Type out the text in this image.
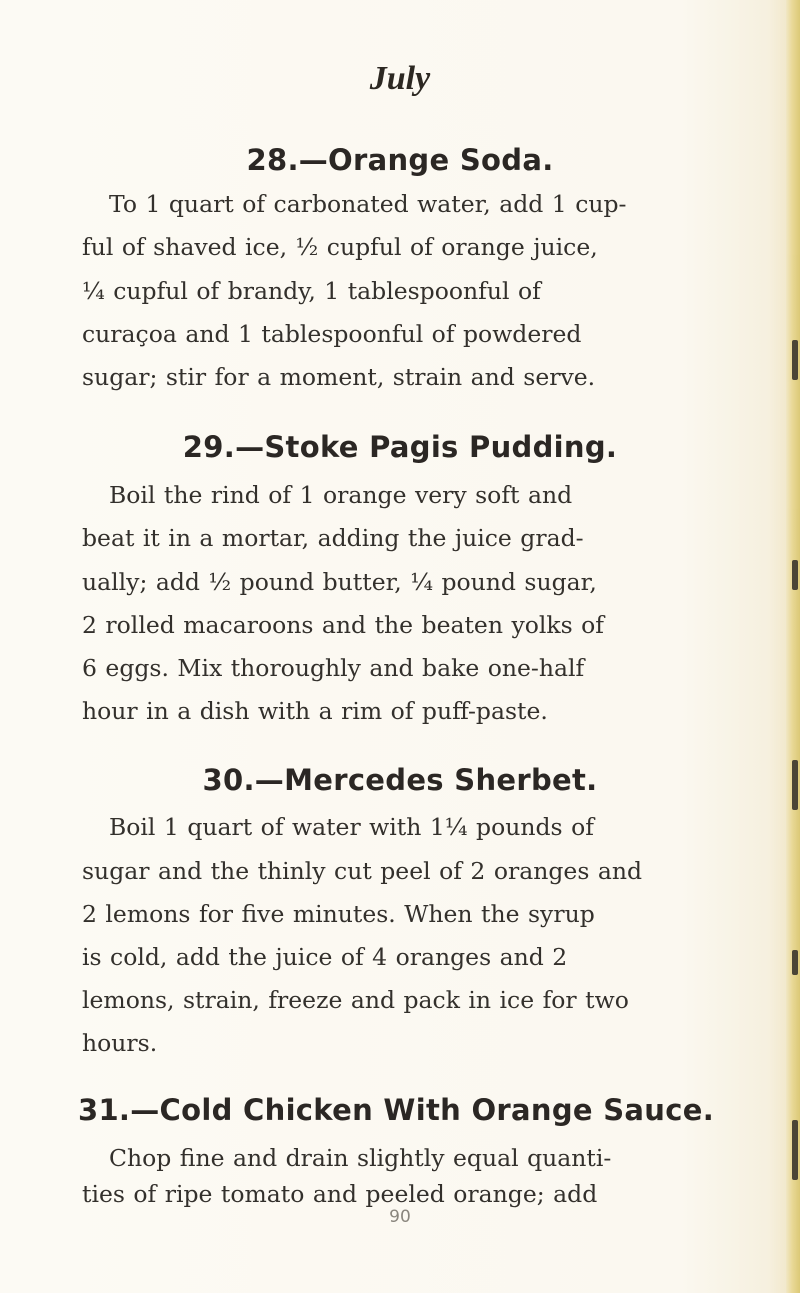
July
28.—Orange Soda.
To 1 quart of carbonated water, add 1 cup-
ful of shaved ice, ½ cupful of orange juice,
¼ cupful of brandy, 1 tablespoonful of
curaçoa and 1 tablespoonful of powdered
sugar; stir for a moment, strain and serve.
29.—Stoke Pagis Pudding.
Boil the rind of 1 orange very soft and
beat it in a mortar, adding the juice grad-
ually; add ½ pound butter, ¼ pound sugar,
2 rolled macaroons and the beaten yolks of
6 eggs. Mix thoroughly and bake one-half
hour in a dish with a rim of puff-paste.
30.—Mercedes Sherbet.
Boil 1 quart of water with 1¼ pounds of
sugar and the thinly cut peel of 2 oranges and
2 lemons for five minutes. When the syrup
is cold, add the juice of 4 oranges and 2
lemons, strain, freeze and pack in ice for two
hours.
31.—Cold Chicken With Orange Sauce.
Chop fine and drain slightly equal quanti-
ties of ripe tomato and peeled orange; add
90
